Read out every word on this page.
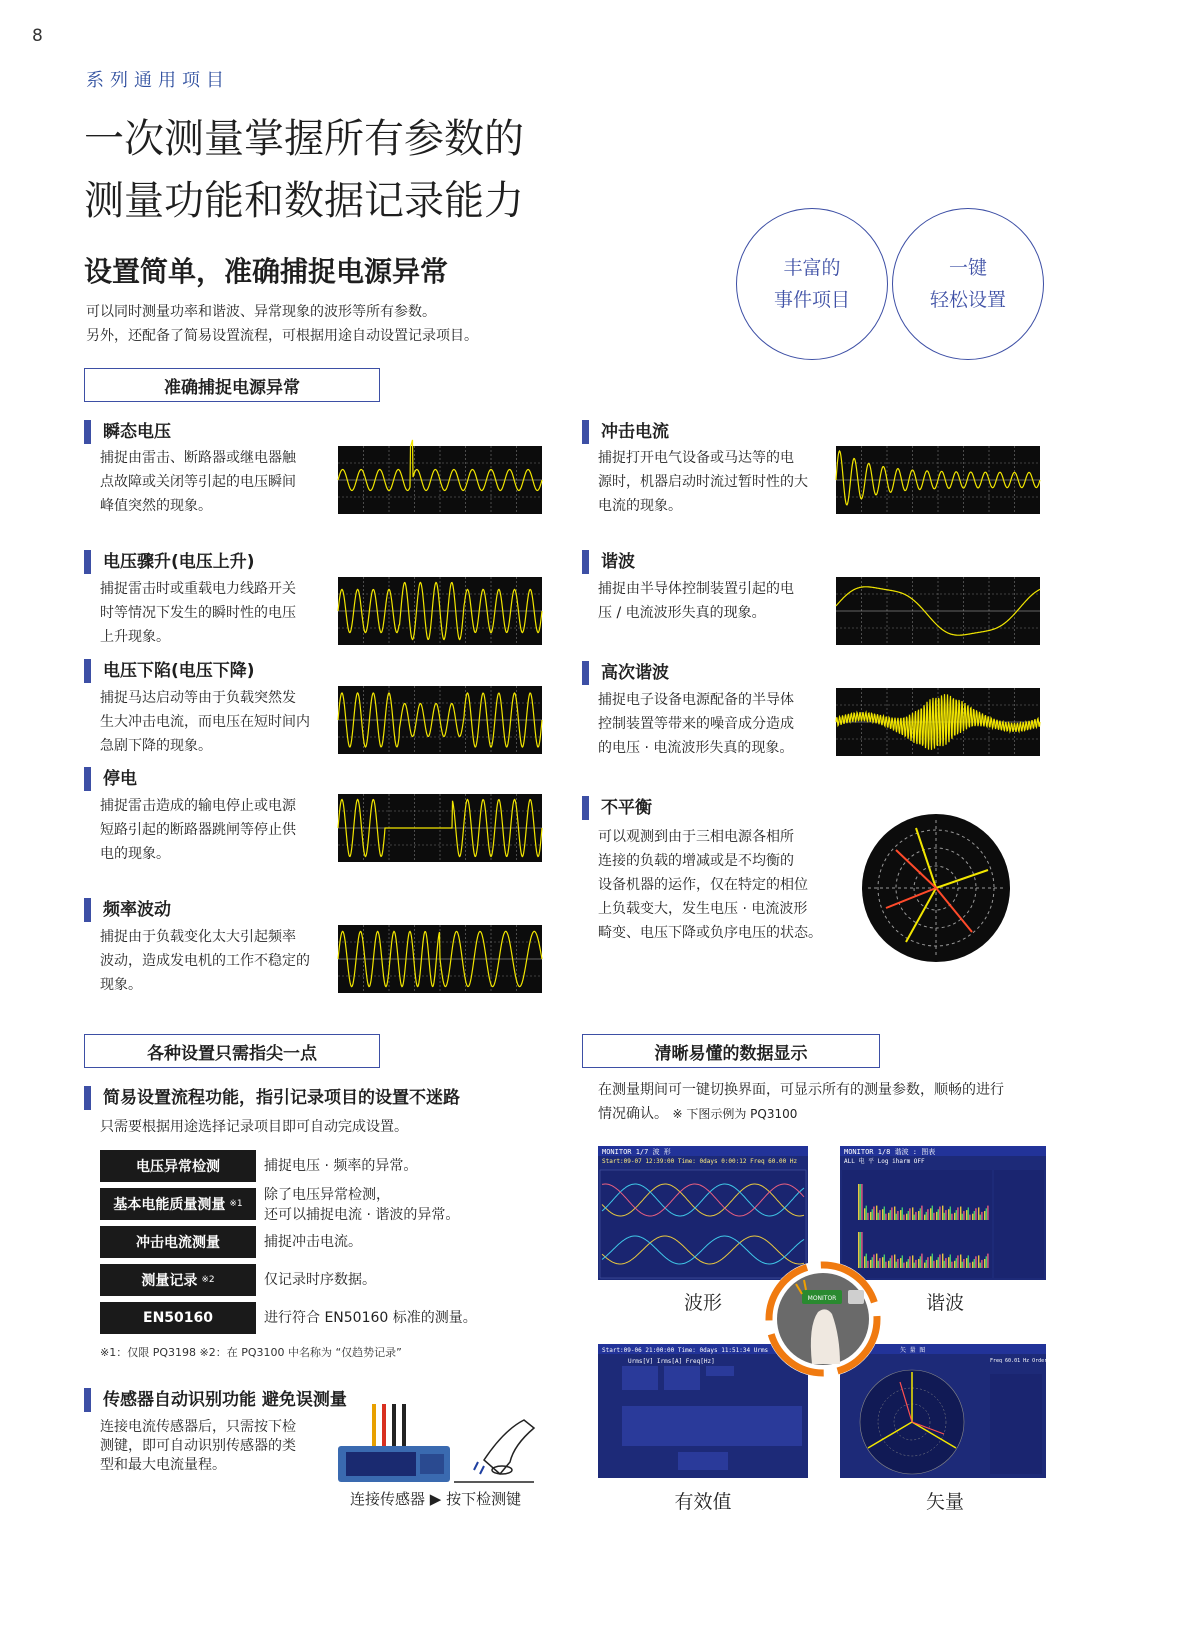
8
系列通用项目
一次测量掌握所有参数的
测量功能和数据记录能力
设置简单，准确捕捉电源异常
可以同时测量功率和谐波、异常现象的波形等所有参数。
另外，还配备了简易设置流程，可根据用途自动设置记录项目。
丰富的
事件项目
一键
轻松设置
准确捕捉电源异常
瞬态电压
捕捉由雷击、断路器或继电器触
点故障或关闭等引起的电压瞬间
峰值突然的现象。
电压骤升(电压上升)
捕捉雷击时或重载电力线路开关
时等情况下发生的瞬时性的电压
上升现象。
电压下陷(电压下降)
捕捉马达启动等由于负载突然发
生大冲击电流，而电压在短时间内
急剧下降的现象。
停电
捕捉雷击造成的输电停止或电源
短路引起的断路器跳闸等停止供
电的现象。
频率波动
捕捉由于负载变化太大引起频率
波动，造成发电机的工作不稳定的
现象。
冲击电流
捕捉打开电气设备或马达等的电
源时，机器启动时流过暂时性的大
电流的现象。
谐波
捕捉由半导体控制装置引起的电
压 / 电流波形失真的现象。
高次谐波
捕捉电子设备电源配备的半导体
控制装置等带来的噪音成分造成
的电压 · 电流波形失真的现象。
不平衡
可以观测到由于三相电源各相所
连接的负载的增减或是不均衡的
设备机器的运作，仅在特定的相位
上负载变大，发生电压 · 电流波形
畸变、电压下降或负序电压的状态。
各种设置只需指尖一点
简易设置流程功能，指引记录项目的设置不迷路
只需要根据用途选择记录项目即可自动完成设置。
电压异常检测	捕捉电压 · 频率的异常。
基本电能质量测量 ※1
除了电压异常检测，
还可以捕捉电流 · 谐波的异常。
冲击电流测量	捕捉冲击电流。
测量记录 ※2	仅记录时序数据。
EN50160	进行符合 EN50160 标准的测量。
※1：仅限 PQ3198 ※2：在 PQ3100 中名称为 “仅趋势记录”
传感器自动识别功能 避免误测量
连接电流传感器后，只需按下检
测键，即可自动识别传感器的类
型和最大电流量程。
连接传感器 ▶ 按下检测键
清晰易懂的数据显示
在测量期间可一键切换界面，可显示所有的测量参数，顺畅的进行
情况确认。 ※ 下图示例为 PQ3100
MONITOR 1/7 波 形
Start:09-07 12:39:00 Time: 0days 0:00:12 Freq 60.00 Hz
波形
MONITOR 1/8 谐波 : 图表
ALL 电 平 Log iharm OFF
谐波
Start:09-06 21:00:00 Time: 0days 11:51:34 Urms
Urms[V] Irms[A] Freq[Hz]
有效值
矢 量 图
Freq 60.01 Hz Order 1
矢量
MONITOR
